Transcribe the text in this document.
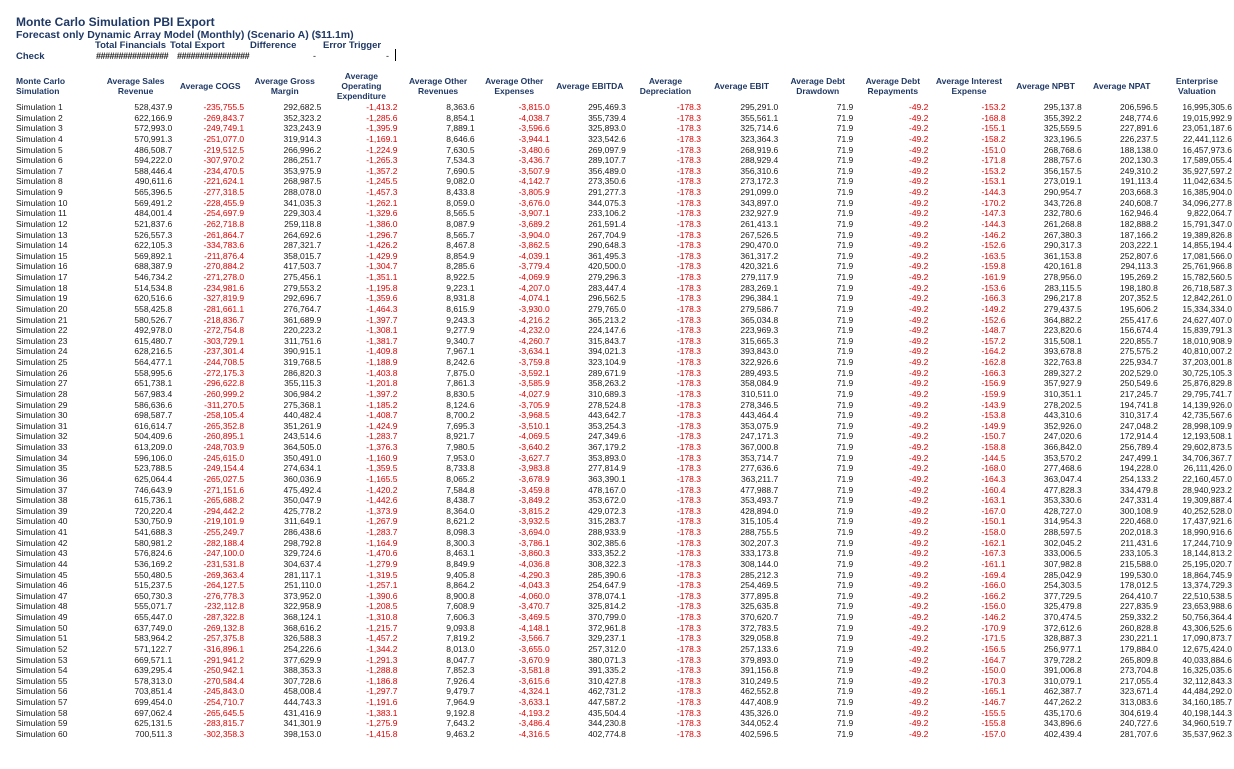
Monte Carlo Simulation PBI Export
Forecast only Dynamic Array Model (Monthly) (Scenario A) ($11.1m)
Total Financials Total Export	Difference	Error Trigger
Check	################ ################	-	-
Monte Carlo Simulation	Average Sales Revenue	Average COGS	Average Gross Margin	Average Operating Expenditure	Average Other Revenues	Average Other Expenses	Average EBITDA	Average Depreciation	Average EBIT	Average Debt Drawdown	Average Debt Repayments	Average Interest Expense	Average NPBT	Average NPAT	Enterprise Valuation
Simulation 1	528,437.9	-235,755.5	292,682.5	-1,413.2	8,363.6	-3,815.0	295,469.3	-178.3	295,291.0	71.9	-49.2	-153.2	295,137.8	206,596.5	16,995,305.6
Simulation 2	622,166.9	-269,843.7	352,323.2	-1,285.6	8,854.1	-4,038.7	355,739.4	-178.3	355,561.1	71.9	-49.2	-168.8	355,392.2	248,774.6	19,015,992.9
Simulation 3	572,993.0	-249,749.1	323,243.9	-1,395.9	7,889.1	-3,596.6	325,893.0	-178.3	325,714.6	71.9	-49.2	-155.1	325,559.5	227,891.6	23,051,187.6
Simulation 4	570,991.3	-251,077.0	319,914.3	-1,169.1	8,646.6	-3,944.1	323,542.6	-178.3	323,364.3	71.9	-49.2	-158.2	323,196.5	226,237.5	22,441,112.6
Simulation 5	486,508.7	-219,512.5	266,996.2	-1,224.9	7,630.5	-3,480.6	269,097.9	-178.3	268,919.6	71.9	-49.2	-151.0	268,768.6	188,138.0	16,457,973.6
Simulation 6	594,222.0	-307,970.2	286,251.7	-1,265.3	7,534.3	-3,436.7	289,107.7	-178.3	288,929.4	71.9	-49.2	-171.8	288,757.6	202,130.3	17,589,055.4
Simulation 7	588,446.4	-234,470.5	353,975.9	-1,357.2	7,690.5	-3,507.9	356,489.0	-178.3	356,310.6	71.9	-49.2	-153.2	356,157.5	249,310.2	35,927,597.2
Simulation 8	490,611.6	-221,624.1	268,987.5	-1,245.5	9,082.0	-4,142.7	273,350.6	-178.3	273,172.3	71.9	-49.2	-153.1	273,019.1	191,113.4	11,042,634.5
Simulation 9	565,396.5	-277,318.5	288,078.0	-1,457.3	8,433.8	-3,805.9	291,277.3	-178.3	291,099.0	71.9	-49.2	-144.3	290,954.7	203,668.3	16,385,904.0
Simulation 10	569,491.2	-228,455.9	341,035.3	-1,262.1	8,059.0	-3,676.0	344,075.3	-178.3	343,897.0	71.9	-49.2	-170.2	343,726.8	240,608.7	34,096,277.8
Simulation 11	484,001.4	-254,697.9	229,303.4	-1,329.6	8,565.5	-3,907.1	233,106.2	-178.3	232,927.9	71.9	-49.2	-147.3	232,780.6	162,946.4	9,822,064.7
Simulation 12	521,837.6	-262,718.8	259,118.8	-1,386.0	8,087.9	-3,689.2	261,591.4	-178.3	261,413.1	71.9	-49.2	-144.3	261,268.8	182,888.2	15,791,347.0
Simulation 13	526,557.3	-261,864.7	264,692.6	-1,296.7	8,565.7	-3,904.0	267,704.9	-178.3	267,526.5	71.9	-49.2	-146.2	267,380.3	187,166.2	19,389,826.8
Simulation 14	622,105.3	-334,783.6	287,321.7	-1,426.2	8,467.8	-3,862.5	290,648.3	-178.3	290,470.0	71.9	-49.2	-152.6	290,317.3	203,222.1	14,855,194.4
Simulation 15	569,892.1	-211,876.4	358,015.7	-1,429.9	8,854.9	-4,039.1	361,495.3	-178.3	361,317.2	71.9	-49.2	-163.5	361,153.8	252,807.6	17,081,566.0
Simulation 16	688,387.9	-270,884.2	417,503.7	-1,304.7	8,285.6	-3,779.4	420,500.0	-178.3	420,321.6	71.9	-49.2	-159.8	420,161.8	294,113.3	25,761,966.8
Simulation 17	546,734.2	-271,278.0	275,456.1	-1,351.1	8,922.5	-4,069.9	279,296.3	-178.3	279,117.9	71.9	-49.2	-161.9	278,956.0	195,269.2	15,782,560.5
Simulation 18	514,534.8	-234,981.6	279,553.2	-1,195.8	9,223.1	-4,207.0	283,447.4	-178.3	283,269.1	71.9	-49.2	-153.6	283,115.5	198,180.8	26,718,587.3
Simulation 19	620,516.6	-327,819.9	292,696.7	-1,359.6	8,931.8	-4,074.1	296,562.5	-178.3	296,384.1	71.9	-49.2	-166.3	296,217.8	207,352.5	12,842,261.0
Simulation 20	558,425.8	-281,661.1	276,764.7	-1,464.3	8,615.9	-3,930.0	279,765.0	-178.3	279,586.7	71.9	-49.2	-149.2	279,437.5	195,606.2	15,334,334.0
Simulation 21	580,526.7	-218,836.7	361,689.9	-1,397.7	9,243.3	-4,216.2	365,213.2	-178.3	365,034.8	71.9	-49.2	-152.6	364,882.2	255,417.6	24,627,407.0
Simulation 22	492,978.0	-272,754.8	220,223.2	-1,308.1	9,277.9	-4,232.0	224,147.6	-178.3	223,969.3	71.9	-49.2	-148.7	223,820.6	156,674.4	15,839,791.3
Simulation 23	615,480.7	-303,729.1	311,751.6	-1,381.7	9,340.7	-4,260.7	315,843.7	-178.3	315,665.3	71.9	-49.2	-157.2	315,508.1	220,855.7	18,010,908.9
Simulation 24	628,216.5	-237,301.4	390,915.1	-1,409.8	7,967.1	-3,634.1	394,021.3	-178.3	393,843.0	71.9	-49.2	-164.2	393,678.8	275,575.2	40,810,007.2
Simulation 25	564,477.1	-244,708.5	319,768.5	-1,188.9	8,242.6	-3,759.8	323,104.9	-178.3	322,926.6	71.9	-49.2	-162.8	322,763.8	225,934.7	37,203,001.8
Simulation 26	558,995.6	-272,175.3	286,820.3	-1,403.8	7,875.0	-3,592.1	289,671.9	-178.3	289,493.5	71.9	-49.2	-166.3	289,327.2	202,529.0	30,725,105.3
Simulation 27	651,738.1	-296,622.8	355,115.3	-1,201.8	7,861.3	-3,585.9	358,263.2	-178.3	358,084.9	71.9	-49.2	-156.9	357,927.9	250,549.6	25,876,829.8
Simulation 28	567,983.4	-260,999.2	306,984.2	-1,397.2	8,830.5	-4,027.9	310,689.3	-178.3	310,511.0	71.9	-49.2	-159.9	310,351.1	217,245.7	29,795,741.7
Simulation 29	586,636.6	-311,270.5	275,368.1	-1,185.2	8,124.6	-3,705.9	278,524.8	-178.3	278,346.5	71.9	-49.2	-143.9	278,202.5	194,741.8	14,139,926.0
Simulation 30	698,587.7	-258,105.4	440,482.4	-1,408.7	8,700.2	-3,968.5	443,642.7	-178.3	443,464.4	71.9	-49.2	-153.8	443,310.6	310,317.4	42,735,567.6
Simulation 31	616,614.7	-265,352.8	351,261.9	-1,424.9	7,695.3	-3,510.1	353,254.3	-178.3	353,075.9	71.9	-49.2	-149.9	352,926.0	247,048.2	28,998,109.9
Simulation 32	504,409.6	-260,895.1	243,514.6	-1,283.7	8,921.7	-4,069.5	247,349.6	-178.3	247,171.3	71.9	-49.2	-150.7	247,020.6	172,914.4	12,193,508.1
Simulation 33	613,209.0	-248,703.9	364,505.0	-1,376.3	7,980.5	-3,640.2	367,179.2	-178.3	367,000.8	71.9	-49.2	-158.8	366,842.0	256,789.4	29,602,873.5
Simulation 34	596,106.0	-245,615.0	350,491.0	-1,160.9	7,953.0	-3,627.7	353,893.0	-178.3	353,714.7	71.9	-49.2	-144.5	353,570.2	247,499.1	34,706,367.7
Simulation 35	523,788.5	-249,154.4	274,634.1	-1,359.5	8,733.8	-3,983.8	277,814.9	-178.3	277,636.6	71.9	-49.2	-168.0	277,468.6	194,228.0	26,111,426.0
Simulation 36	625,064.4	-265,027.5	360,036.9	-1,165.5	8,065.2	-3,678.9	363,390.1	-178.3	363,211.7	71.9	-49.2	-164.3	363,047.4	254,133.2	22,160,457.0
Simulation 37	746,643.9	-271,151.6	475,492.4	-1,420.2	7,584.8	-3,459.8	478,167.0	-178.3	477,988.7	71.9	-49.2	-160.4	477,828.3	334,479.8	28,940,923.2
Simulation 38	615,736.1	-265,688.2	350,047.9	-1,442.6	8,438.7	-3,849.2	353,672.0	-178.3	353,493.7	71.9	-49.2	-163.1	353,330.6	247,331.4	19,309,887.4
Simulation 39	720,220.4	-294,442.2	425,778.2	-1,373.9	8,364.0	-3,815.2	429,072.3	-178.3	428,894.0	71.9	-49.2	-167.0	428,727.0	300,108.9	40,252,528.0
Simulation 40	530,750.9	-219,101.9	311,649.1	-1,267.9	8,621.2	-3,932.5	315,283.7	-178.3	315,105.4	71.9	-49.2	-150.1	314,954.3	220,468.0	17,437,921.6
Simulation 41	541,688.3	-255,249.7	286,438.6	-1,283.7	8,098.3	-3,694.0	288,933.9	-178.3	288,755.5	71.9	-49.2	-158.0	288,597.5	202,018.3	18,990,916.6
Simulation 42	580,981.2	-282,188.4	298,792.8	-1,164.9	8,300.3	-3,786.1	302,385.6	-178.3	302,207.3	71.9	-49.2	-162.1	302,045.2	211,431.6	17,244,710.9
Simulation 43	576,824.6	-247,100.0	329,724.6	-1,470.6	8,463.1	-3,860.3	333,352.2	-178.3	333,173.8	71.9	-49.2	-167.3	333,006.5	233,105.3	18,144,813.2
Simulation 44	536,169.2	-231,531.8	304,637.4	-1,279.9	8,849.9	-4,036.8	308,322.3	-178.3	308,144.0	71.9	-49.2	-161.1	307,982.8	215,588.0	25,195,020.7
Simulation 45	550,480.5	-269,363.4	281,117.1	-1,319.5	9,405.8	-4,290.3	285,390.6	-178.3	285,212.3	71.9	-49.2	-169.4	285,042.9	199,530.0	18,864,745.9
Simulation 46	515,237.5	-264,127.5	251,110.0	-1,257.1	8,864.2	-4,043.3	254,647.9	-178.3	254,469.5	71.9	-49.2	-166.0	254,303.5	178,012.5	13,374,729.3
Simulation 47	650,730.3	-276,778.3	373,952.0	-1,390.6	8,900.8	-4,060.0	378,074.1	-178.3	377,895.8	71.9	-49.2	-166.2	377,729.5	264,410.7	22,510,538.5
Simulation 48	555,071.7	-232,112.8	322,958.9	-1,208.5	7,608.9	-3,470.7	325,814.2	-178.3	325,635.8	71.9	-49.2	-156.0	325,479.8	227,835.9	23,653,988.6
Simulation 49	655,447.0	-287,322.8	368,124.1	-1,310.8	7,606.3	-3,469.5	370,799.0	-178.3	370,620.7	71.9	-49.2	-146.2	370,474.5	259,332.2	50,756,364.4
Simulation 50	637,749.0	-269,132.8	368,616.2	-1,215.7	9,093.8	-4,148.1	372,961.8	-178.3	372,783.5	71.9	-49.2	-170.9	372,612.6	260,828.8	43,306,525.6
Simulation 51	583,964.2	-257,375.8	326,588.3	-1,457.2	7,819.2	-3,566.7	329,237.1	-178.3	329,058.8	71.9	-49.2	-171.5	328,887.3	230,221.1	17,090,873.7
Simulation 52	571,122.7	-316,896.1	254,226.6	-1,344.2	8,013.0	-3,655.0	257,312.0	-178.3	257,133.6	71.9	-49.2	-156.5	256,977.1	179,884.0	12,675,424.0
Simulation 53	669,571.1	-291,941.2	377,629.9	-1,291.3	8,047.7	-3,670.9	380,071.3	-178.3	379,893.0	71.9	-49.2	-164.7	379,728.2	265,809.8	40,033,884.6
Simulation 54	639,295.4	-250,942.1	388,353.3	-1,288.8	7,852.3	-3,581.8	391,335.2	-178.3	391,156.8	71.9	-49.2	-150.0	391,006.8	273,704.8	16,325,035.6
Simulation 55	578,313.0	-270,584.4	307,728.6	-1,186.8	7,926.4	-3,615.6	310,427.8	-178.3	310,249.5	71.9	-49.2	-170.3	310,079.1	217,055.4	32,112,843.3
Simulation 56	703,851.4	-245,843.0	458,008.4	-1,297.7	9,479.7	-4,324.1	462,731.2	-178.3	462,552.8	71.9	-49.2	-165.1	462,387.7	323,671.4	44,484,292.0
Simulation 57	699,454.0	-254,710.7	444,743.3	-1,191.6	7,964.9	-3,633.1	447,587.2	-178.3	447,408.9	71.9	-49.2	-146.7	447,262.2	313,083.6	34,160,185.7
Simulation 58	697,062.4	-265,645.5	431,416.9	-1,383.1	9,192.8	-4,193.2	435,504.4	-178.3	435,326.0	71.9	-49.2	-155.5	435,170.6	304,619.4	40,198,144.3
Simulation 59	625,131.5	-283,815.7	341,301.9	-1,275.9	7,643.2	-3,486.4	344,230.8	-178.3	344,052.4	71.9	-49.2	-155.8	343,896.6	240,727.6	34,960,519.7
Simulation 60	700,511.3	-302,358.3	398,153.0	-1,415.8	9,463.2	-4,316.5	402,774.8	-178.3	402,596.5	71.9	-49.2	-157.0	402,439.4	281,707.6	35,537,962.3
